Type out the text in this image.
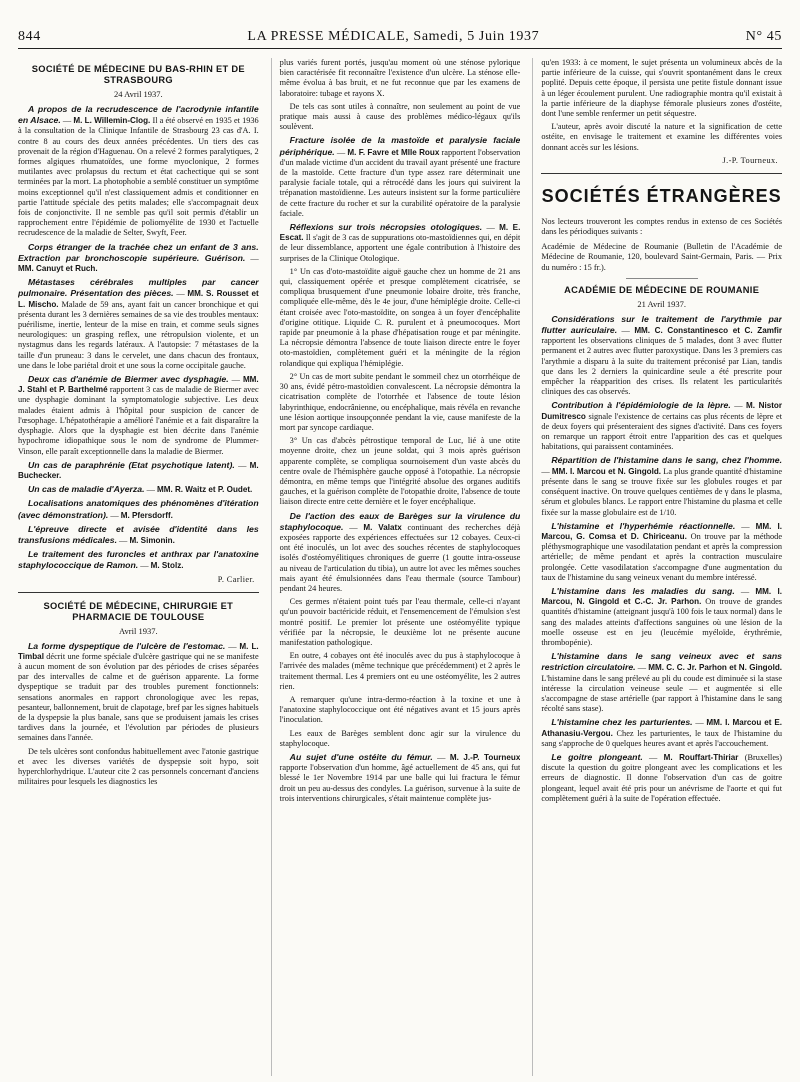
844	LA PRESSE MÉDICALE, Samedi, 5 Juin 1937	N° 45
SOCIÉTÉ DE MÉDECINE DU BAS-RHIN ET DE STRASBOURG
24 Avril 1937.

A propos de la recrudescence de l'acrodynie infantile en Alsace. — M. L. Willemin-Clog. Il a été observé en 1935 et 1936 à la consultation de la Clinique Infantile de Strasbourg 23 cas d'A. I. contre 8 au cours des deux années précédentes. Un tiers des cas provenait de la région d'Haguenau. On a relevé 2 formes paralytiques, 2 formes algiques rhumatoïdes, une forme myoclonique, 2 formes mutilantes avec prolapsus du rectum et état cachectique qui se sont terminées par la mort. La photophobie a semblé constituer un symptôme moins exceptionnel qu'il n'est classiquement admis et conditionner en partie l'attitude spéciale des petits malades; elle s'accompagnait deux fois de conjonctivite. Il ne semble pas qu'il soit permis d'établir un rapprochement entre l'épidémie de poliomyélite de 1930 et l'actuelle recrudescence de la maladie de Selter, Swyft, Feer.

Corps étranger de la trachée chez un enfant de 3 ans. Extraction par bronchoscopie supérieure. Guérison. — MM. Canuyt et Ruch.

Métastases cérébrales multiples par cancer pulmonaire. Présentation des pièces. — MM. S. Rousset et L. Mischo. Malade de 59 ans, ayant fait un cancer bronchique et qui présenta durant les 3 dernières semaines de sa vie des troubles mentaux: puérilisme, inertie, lenteur de la mise en train, et comme seuls signes neurologiques: un grasping reflex, une rétropulsion violente, et un nystagmus dans les regards latéraux. A l'autopsie: 7 métastases de la taille d'un pruneau: 3 dans le cervelet, une dans chacun des frontaux, une dans le lobe pariétal droit et une sous la corne occipitale gauche.

Deux cas d'anémie de Biermer avec dysphagie. — MM. J. Stahl et P. Barthelmé rapportent 3 cas de maladie de Biermer avec une dysphagie dominant la symptomatologie subjective. Les deux malades étaient admis à l'hôpital pour suspicion de cancer de l'œsophage. L'hépatothérapie a amélioré l'anémie et a fait disparaître la dysphagie. Alors que la dysphagie est bien décrite dans l'anémie hypochrome idiopathique sous le nom de syndrome de Plummer-Vinson, elle paraît exceptionnelle dans la maladie de Biermer.

Un cas de paraphrénie (Etat psychotique latent). — M. Buchecker.

Un cas de maladie d'Ayerza. — MM. R. Waitz et P. Oudet.

Localisations anatomiques des phénomènes d'itération (avec démonstration). — M. Pfersdorff.

L'épreuve directe et avisée d'identité dans les transfusions médicales. — M. Simonin.

Le traitement des furoncles et anthrax par l'anatoxine staphylococcique de Ramon. — M. Stolz.

P. Carlier.
SOCIÉTÉ DE MÉDECINE, CHIRURGIE ET PHARMACIE DE TOULOUSE
Avril 1937.

La forme dyspeptique de l'ulcère de l'estomac. — M. L. Timbal décrit une forme spéciale d'ulcère gastrique qui ne se manifeste à aucun moment de son évolution par des périodes de crises séparées par des intervalles de calme et de guérison apparente. La forme dyspeptique se traduit par des troubles purement fonctionnels: sensations anormales en rapport chronologique avec les repas, pesanteur, ballonnement, bruit de clapotage, bref par les signes habituels de la dyspepsie la plus banale, sans que se produisent jamais les crises tardives dans la journée, et l'évolution par périodes de plusieurs semaines dans l'année.

De tels ulcères sont confondus habituellement avec l'atonie gastrique et avec les diverses variétés de dyspepsie soit hypo, soit hyperchlorhydrique. L'auteur cite 2 cas personnels concernant d'anciens militaires pour lesquels les diagnostics les

plus variés furent portés, jusqu'au moment où une sténose pylorique bien caractérisée fit reconnaître l'existence d'un ulcère. La sténose elle-même évolua à bas bruit, et ne fut reconnue que par les examens de laboratoire: tubage et rayons X.

De tels cas sont utiles à connaître, non seulement au point de vue pratique mais aussi à cause des problèmes médico-légaux qu'ils soulèvent.

Fracture isolée de la mastoïde et paralysie faciale périphérique. — M. F. Favre et Mlle Roux rapportent l'observation d'un malade victime d'un accident du travail ayant présenté une fracture de la mastoïde. Cette fracture d'un type assez rare déterminait une paralysie faciale totale, qui a rétrocédé dans les jours qui suivirent la trépanation mastoïdienne. Les auteurs insistent sur la forme particulière de cette fracture du rocher et sur la curabilité opératoire de la paralysie faciale.

Réflexions sur trois nécropsies otologiques. — M. E. Escat. Il s'agit de 3 cas de suppurations oto-mastoïdiennes qui, en dépit de leur dissemblance, apportent une égale contribution à l'histoire des surprises de la Clinique Otologique.

1° Un cas d'oto-mastoïdite aiguë gauche chez un homme de 21 ans qui, classiquement opérée et presque complètement cicatrisée, se compliqua brusquement d'une pneumonie lobaire droite, très franche, compliquée elle-même, dès le 4e jour, d'une hémiplégie droite. Celle-ci étant croisée avec l'oto-mastoïdite, on songea à un foyer d'encéphalite d'origine otitique. Liquide C. R. purulent et à pneumocoques. Mort rapide par pneumonie à la phase d'hépatisation rouge et par méningite. La nécropsie démontra l'absence de toute liaison directe entre le foyer oto-mastoïdien, complètement guéri et la méningite de la région rolandique qui expliqua l'hémiplégie.

2° Un cas de mort subite pendant le sommeil chez un otorrhéique de 30 ans, évidé pétro-mastoïdien convalescent. La nécropsie démontra la cicatrisation complète de l'otorrhée et l'absence de toute lésion labyrinthique, endocrânienne, ou encéphalique, mais révéla en revanche une lésion aortique insoupçonnée pendant la vie, cause manifeste de la mort par syncope cardiaque.

3° Un cas d'abcès pétrostique temporal de Luc, lié à une otite moyenne droite, chez un jeune soldat, qui 3 mois après guérison apparente complète, se compliqua sournoisement d'un vaste abcès du centre ovale de l'hémisphère gauche opposé à l'otopathie. La nécropsie démontra, en même temps que l'intégrité absolue des organes auditifs gauches, et la guérison complète de l'otopathie droite, l'absence de toute liaison directe entre cette dernière et le foyer encéphalique.

De l'action des eaux de Barèges sur la virulence du staphylocoque. — M. Valatx continuant des recherches déjà exposées rapporte des expériences effectuées sur 12 cobayes. Ceux-ci ont été inoculés, un lot avec des souches récentes de staphylocoques isolés d'ostéomyélitiques chroniques de guerre (1 goutte intra-osseuse au niveau de l'articulation du tibia), un autre lot avec les mêmes souches mais ayant été émulsionnées dans l'eau thermale (source Tambour) pendant 24 heures.

Ces germes n'étaient point tués par l'eau thermale, celle-ci n'ayant qu'un pouvoir bactéricide réduit, et l'ensemencement de l'émulsion s'est montré positif. Le premier lot présente une ostéomyélite typique vérifiée par la nécropsie, le deuxième lot ne présente aucune manifestation pathologique.

En outre, 4 cobayes ont été inoculés avec du pus à staphylocoque à l'arrivée des malades (même technique que précédemment) et 2 après le traitement thermal. Les 4 premiers ont eu une ostéomyélite, les 2 autres rien.

A remarquer qu'une intra-dermo-réaction à la toxine et une à l'anatoxine staphylococcique ont été négatives avant et 15 jours après l'inoculation.

Les eaux de Barèges semblent donc agir sur la virulence du staphylocoque.

Au sujet d'une ostéite du fémur. — M. J.-P. Tourneux rapporte l'observation d'un homme, âgé actuellement de 45 ans, qui fut blessé le 1er Novembre 1914 par une balle qui lui fractura le fémur droit un peu au-dessus des condyles. La guérison, survenue à la suite de trois interventions chirurgicales, s'était maintenue complète jus-

qu'en 1933: à ce moment, le sujet présenta un volumineux abcès de la partie inférieure de la cuisse, qui s'ouvrit spontanément dans le creux poplité. Depuis cette époque, il persista une petite fistule donnant issue à un léger écoulement purulent. Une radiographie montra qu'il existait à la partie inférieure de la diaphyse fémorale plusieurs zones d'ostéite, dont l'une semble renfermer un petit séquestre.

L'auteur, après avoir discuté la nature et la signification de cette ostéite, en envisage le traitement et examine les différentes voies donnant accès sur les lésions.

J.-P. Tourneux.
SOCIÉTÉS ÉTRANGÈRES

Nos lecteurs trouveront les comptes rendus in extenso de ces Sociétés dans les périodiques suivants :

Académie de Médecine de Roumanie (Bulletin de l'Académie de Médecine de Roumanie, 120, boulevard Saint-Germain, Paris. — Prix du numéro : 15 fr.).

ACADÉMIE DE MÉDECINE DE ROUMANIE
21 Avril 1937.

Considérations sur le traitement de l'arythmie par flutter auriculaire. — MM. C. Constantinesco et C. Zamfir rapportent les observations cliniques de 5 malades, dont 3 avec flutter permanent et 2 autres avec flutter paroxystique. Dans les 3 premiers cas l'arythmie a disparu à la suite du traitement préconisé par Lian, tandis que dans les 2 derniers la quinicardine seule a été prescrite pour empêcher la réapparition des crises. Ils relatent les particularités cliniques des cas observés.

Contribution à l'épidémiologie de la lèpre. — M. Nistor Dumitresco signale l'existence de certains cas plus récents de lèpre et de deux foyers qui présenteraient des signes d'activité. Dans ces foyers on remarque un rapport étroit entre l'apparition des cas et quelques habitations, qui paraissent contaminées.

Répartition de l'histamine dans le sang, chez l'homme. — MM. I. Marcou et N. Gingold. La plus grande quantité d'histamine présente dans le sang se trouve fixée sur les globules rouges et par conséquent inactive. On trouve quelques centièmes de γ dans le plasma, sérum et globules blancs. Le rapport entre l'histamine du plasma et celle fixée sur la masse globulaire est de 1/10.

L'histamine et l'hyperhémie réactionnelle. — MM. I. Marcou, G. Comsa et D. Chiriceanu. On trouve par la méthode pléthysmographique une vasodilatation pendant et après la compression artérielle; de même pendant et après la contraction musculaire prolongée. Cette vasodilatation s'accompagne d'une augmentation du taux de l'histamine du sang veineux venant du membre intéressé.

L'histamine dans les maladies du sang. — MM. I. Marcou, N. Gingold et C.-C. Jr. Parhon. On trouve de grandes quantités d'histamine (atteignant jusqu'à 100 fois le taux normal) dans le sang des malades atteints d'affections sanguines où une lésion de la moelle osseuse est en jeu (leucémie myéloïde, érythrémie, thrombopénie).

L'histamine dans le sang veineux avec et sans restriction circulatoire. — MM. C. C. Jr. Parhon et N. Gingold. L'histamine dans le sang prélevé au pli du coude est diminuée si la stase intéresse la circulation veineuse seule — et augmentée si elle s'accompagne de stase artérielle (par rapport à l'histamine dans le sang récolté sans stase).

L'histamine chez les parturientes. — MM. I. Marcou et E. Athanasiu-Vergou. Chez les parturientes, le taux de l'histamine du sang s'approche de 0 quelques heures avant et après l'accouchement.

Le goitre plongeant. — M. Rouffart-Thiriar (Bruxelles) discute la question du goitre plongeant avec les complications et les erreurs de diagnostic. Il donne l'observation d'un cas de goitre plongeant, lequel avait été pris pour un anévrisme de l'aorte et qui fut complètement guéri à la suite de l'opération effectuée.
